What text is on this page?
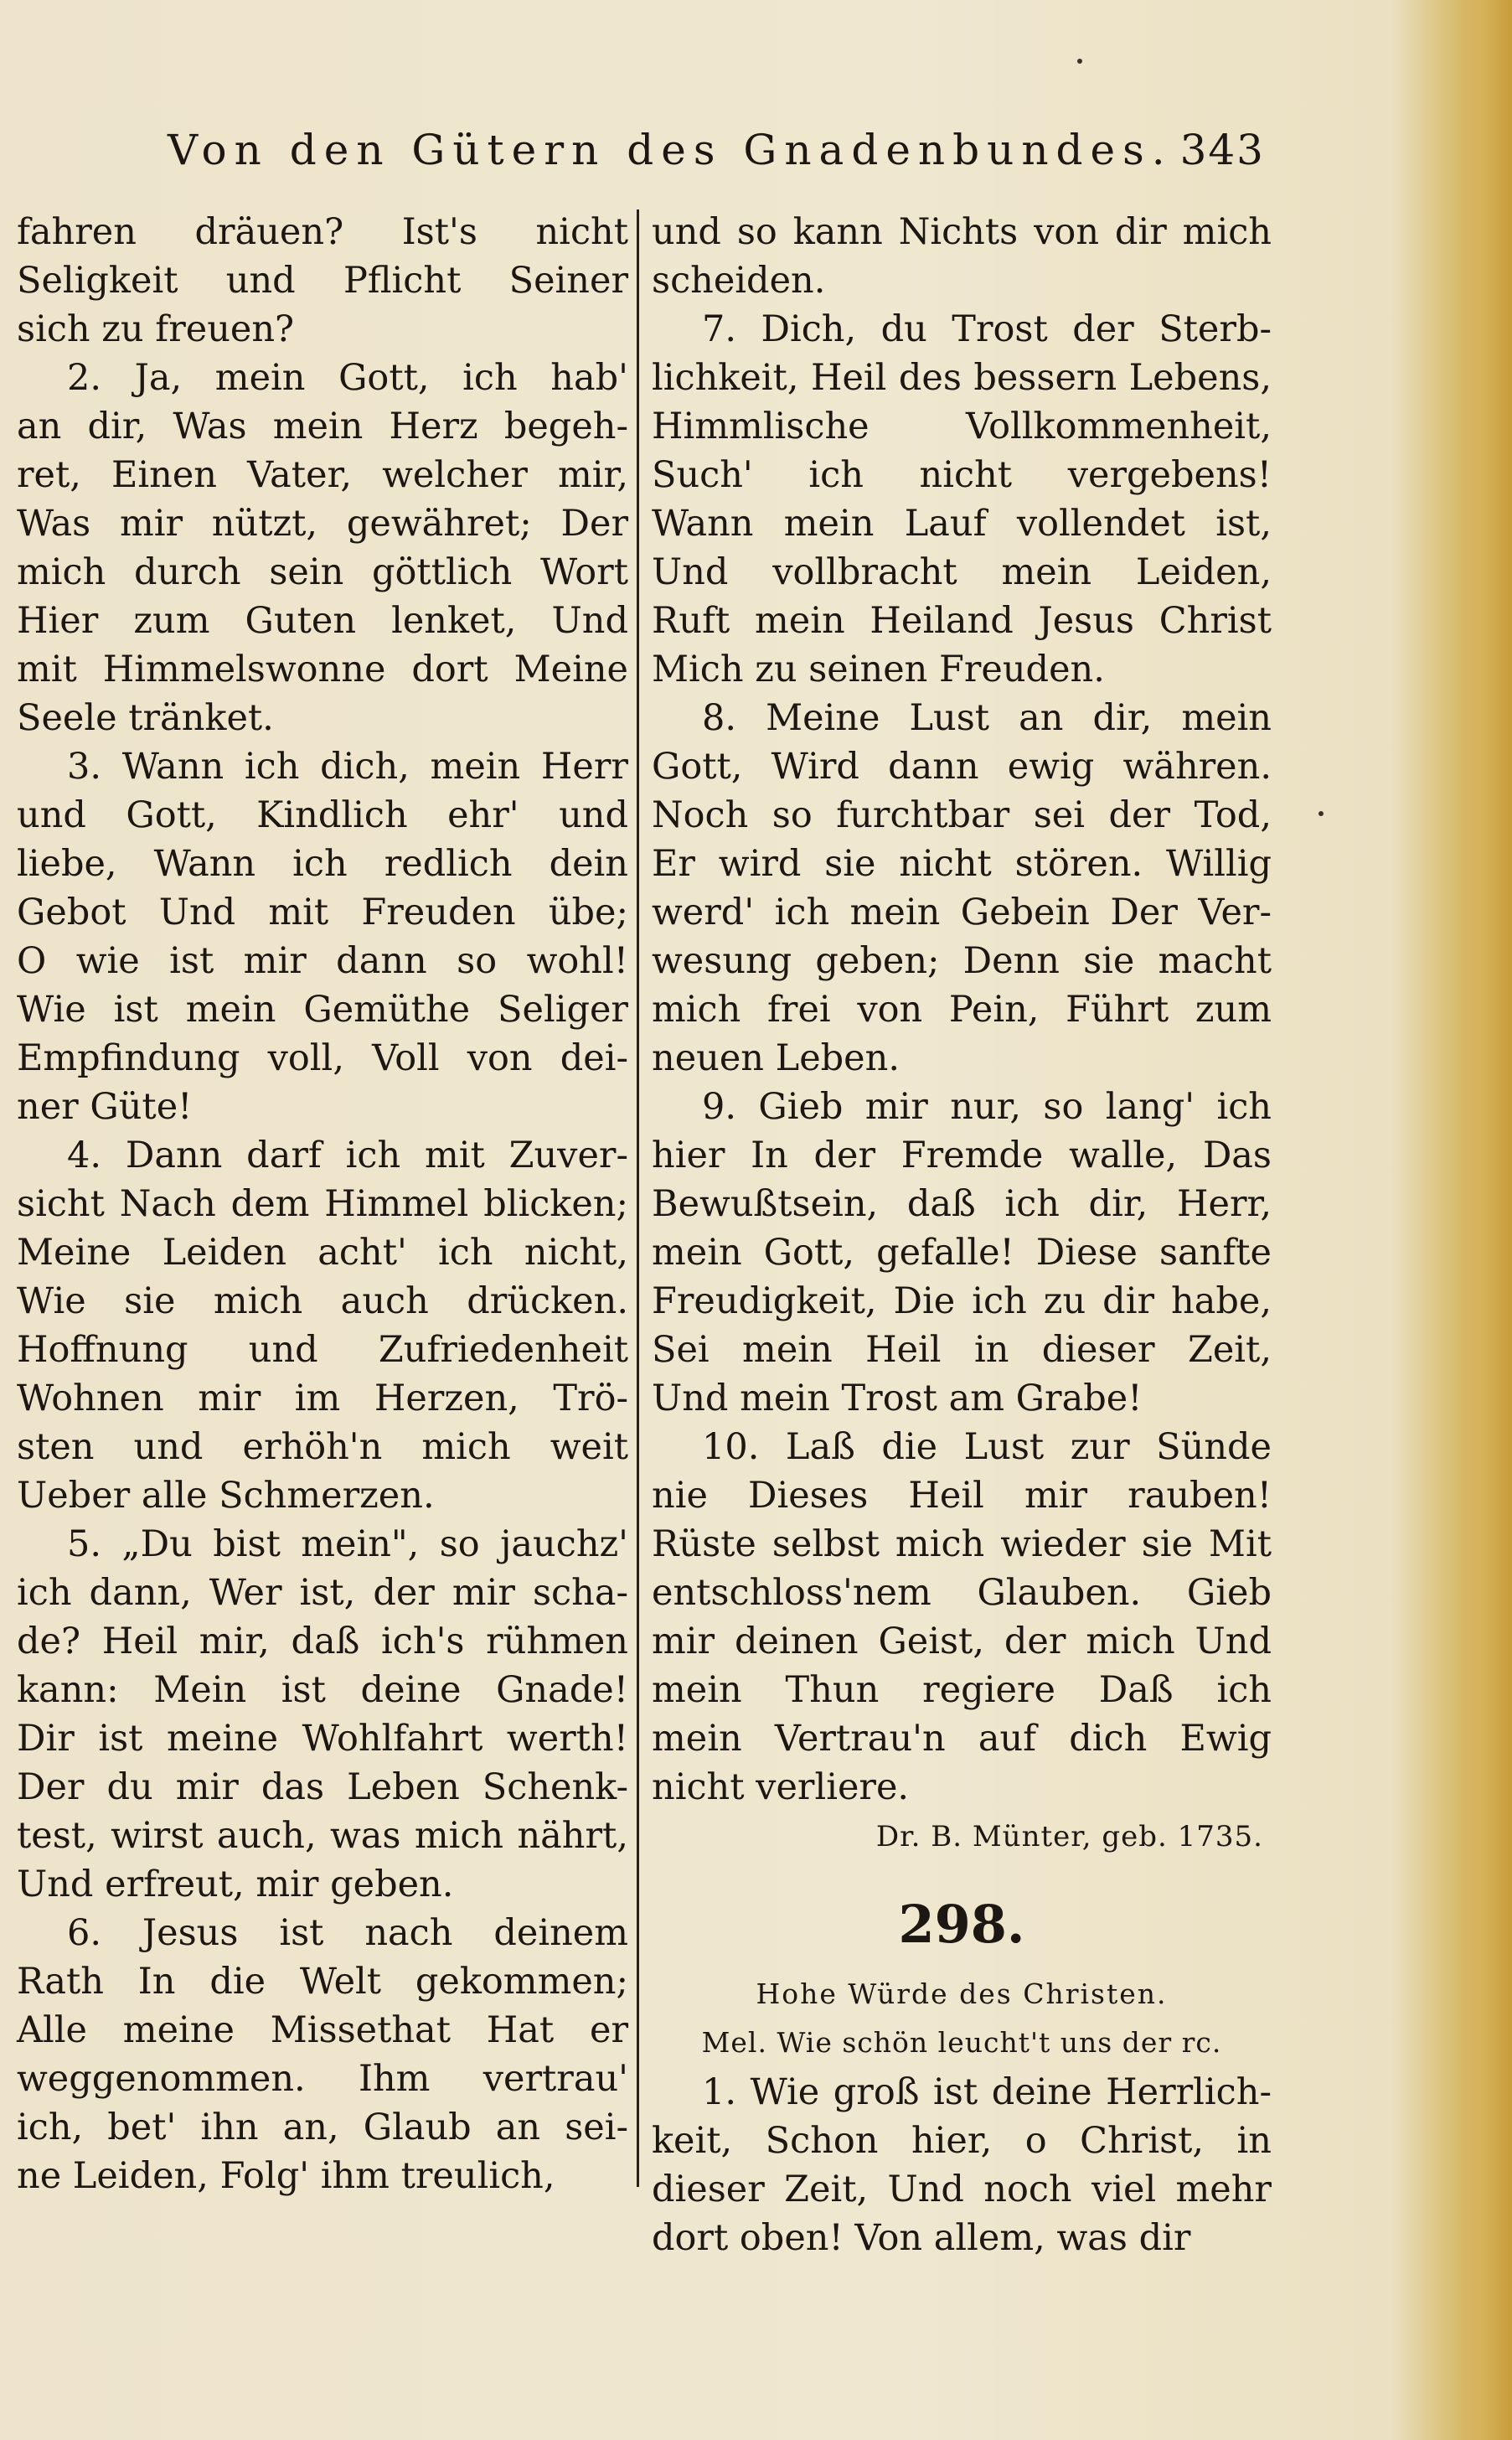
Von den Gütern des Gnadenbundes. 343
fahren dräuen? Ist's nicht
Seligkeit und Pflicht Seiner
sich zu freuen?
2. Ja, mein Gott, ich hab'
an dir, Was mein Herz begeh-
ret, Einen Vater, welcher mir,
Was mir nützt, gewähret; Der
mich durch sein göttlich Wort
Hier zum Guten lenket, Und
mit Himmelswonne dort Meine
Seele tränket.
3. Wann ich dich, mein Herr
und Gott, Kindlich ehr' und
liebe, Wann ich redlich dein
Gebot Und mit Freuden übe;
O wie ist mir dann so wohl!
Wie ist mein Gemüthe Seliger
Empfindung voll, Voll von dei-
ner Güte!
4. Dann darf ich mit Zuver-
sicht Nach dem Himmel blicken;
Meine Leiden acht' ich nicht,
Wie sie mich auch drücken.
Hoffnung und Zufriedenheit
Wohnen mir im Herzen, Trö-
sten und erhöh'n mich weit
Ueber alle Schmerzen.
5. „Du bist mein", so jauchz'
ich dann, Wer ist, der mir scha-
de? Heil mir, daß ich's rühmen
kann: Mein ist deine Gnade!
Dir ist meine Wohlfahrt werth!
Der du mir das Leben Schenk-
test, wirst auch, was mich nährt,
Und erfreut, mir geben.
6. Jesus ist nach deinem
Rath In die Welt gekommen;
Alle meine Missethat Hat er
weggenommen. Ihm vertrau'
ich, bet' ihn an, Glaub an sei-
ne Leiden, Folg' ihm treulich,
und so kann Nichts von dir mich
scheiden.
7. Dich, du Trost der Sterb-
lichkeit, Heil des bessern Lebens,
Himmlische Vollkommenheit,
Such' ich nicht vergebens!
Wann mein Lauf vollendet ist,
Und vollbracht mein Leiden,
Ruft mein Heiland Jesus Christ
Mich zu seinen Freuden.
8. Meine Lust an dir, mein
Gott, Wird dann ewig währen.
Noch so furchtbar sei der Tod,
Er wird sie nicht stören. Willig
werd' ich mein Gebein Der Ver-
wesung geben; Denn sie macht
mich frei von Pein, Führt zum
neuen Leben.
9. Gieb mir nur, so lang' ich
hier In der Fremde walle, Das
Bewußtsein, daß ich dir, Herr,
mein Gott, gefalle! Diese sanfte
Freudigkeit, Die ich zu dir habe,
Sei mein Heil in dieser Zeit,
Und mein Trost am Grabe!
10. Laß die Lust zur Sünde
nie Dieses Heil mir rauben!
Rüste selbst mich wieder sie Mit
entschloss'nem Glauben. Gieb
mir deinen Geist, der mich Und
mein Thun regiere Daß ich
mein Vertrau'n auf dich Ewig
nicht verliere.
Dr. B. Münter, geb. 1735.
298.
Hohe Würde des Christen.
Mel. Wie schön leucht't uns der rc.
1. Wie groß ist deine Herrlich-
keit, Schon hier, o Christ, in
dieser Zeit, Und noch viel mehr
dort oben! Von allem, was dir
